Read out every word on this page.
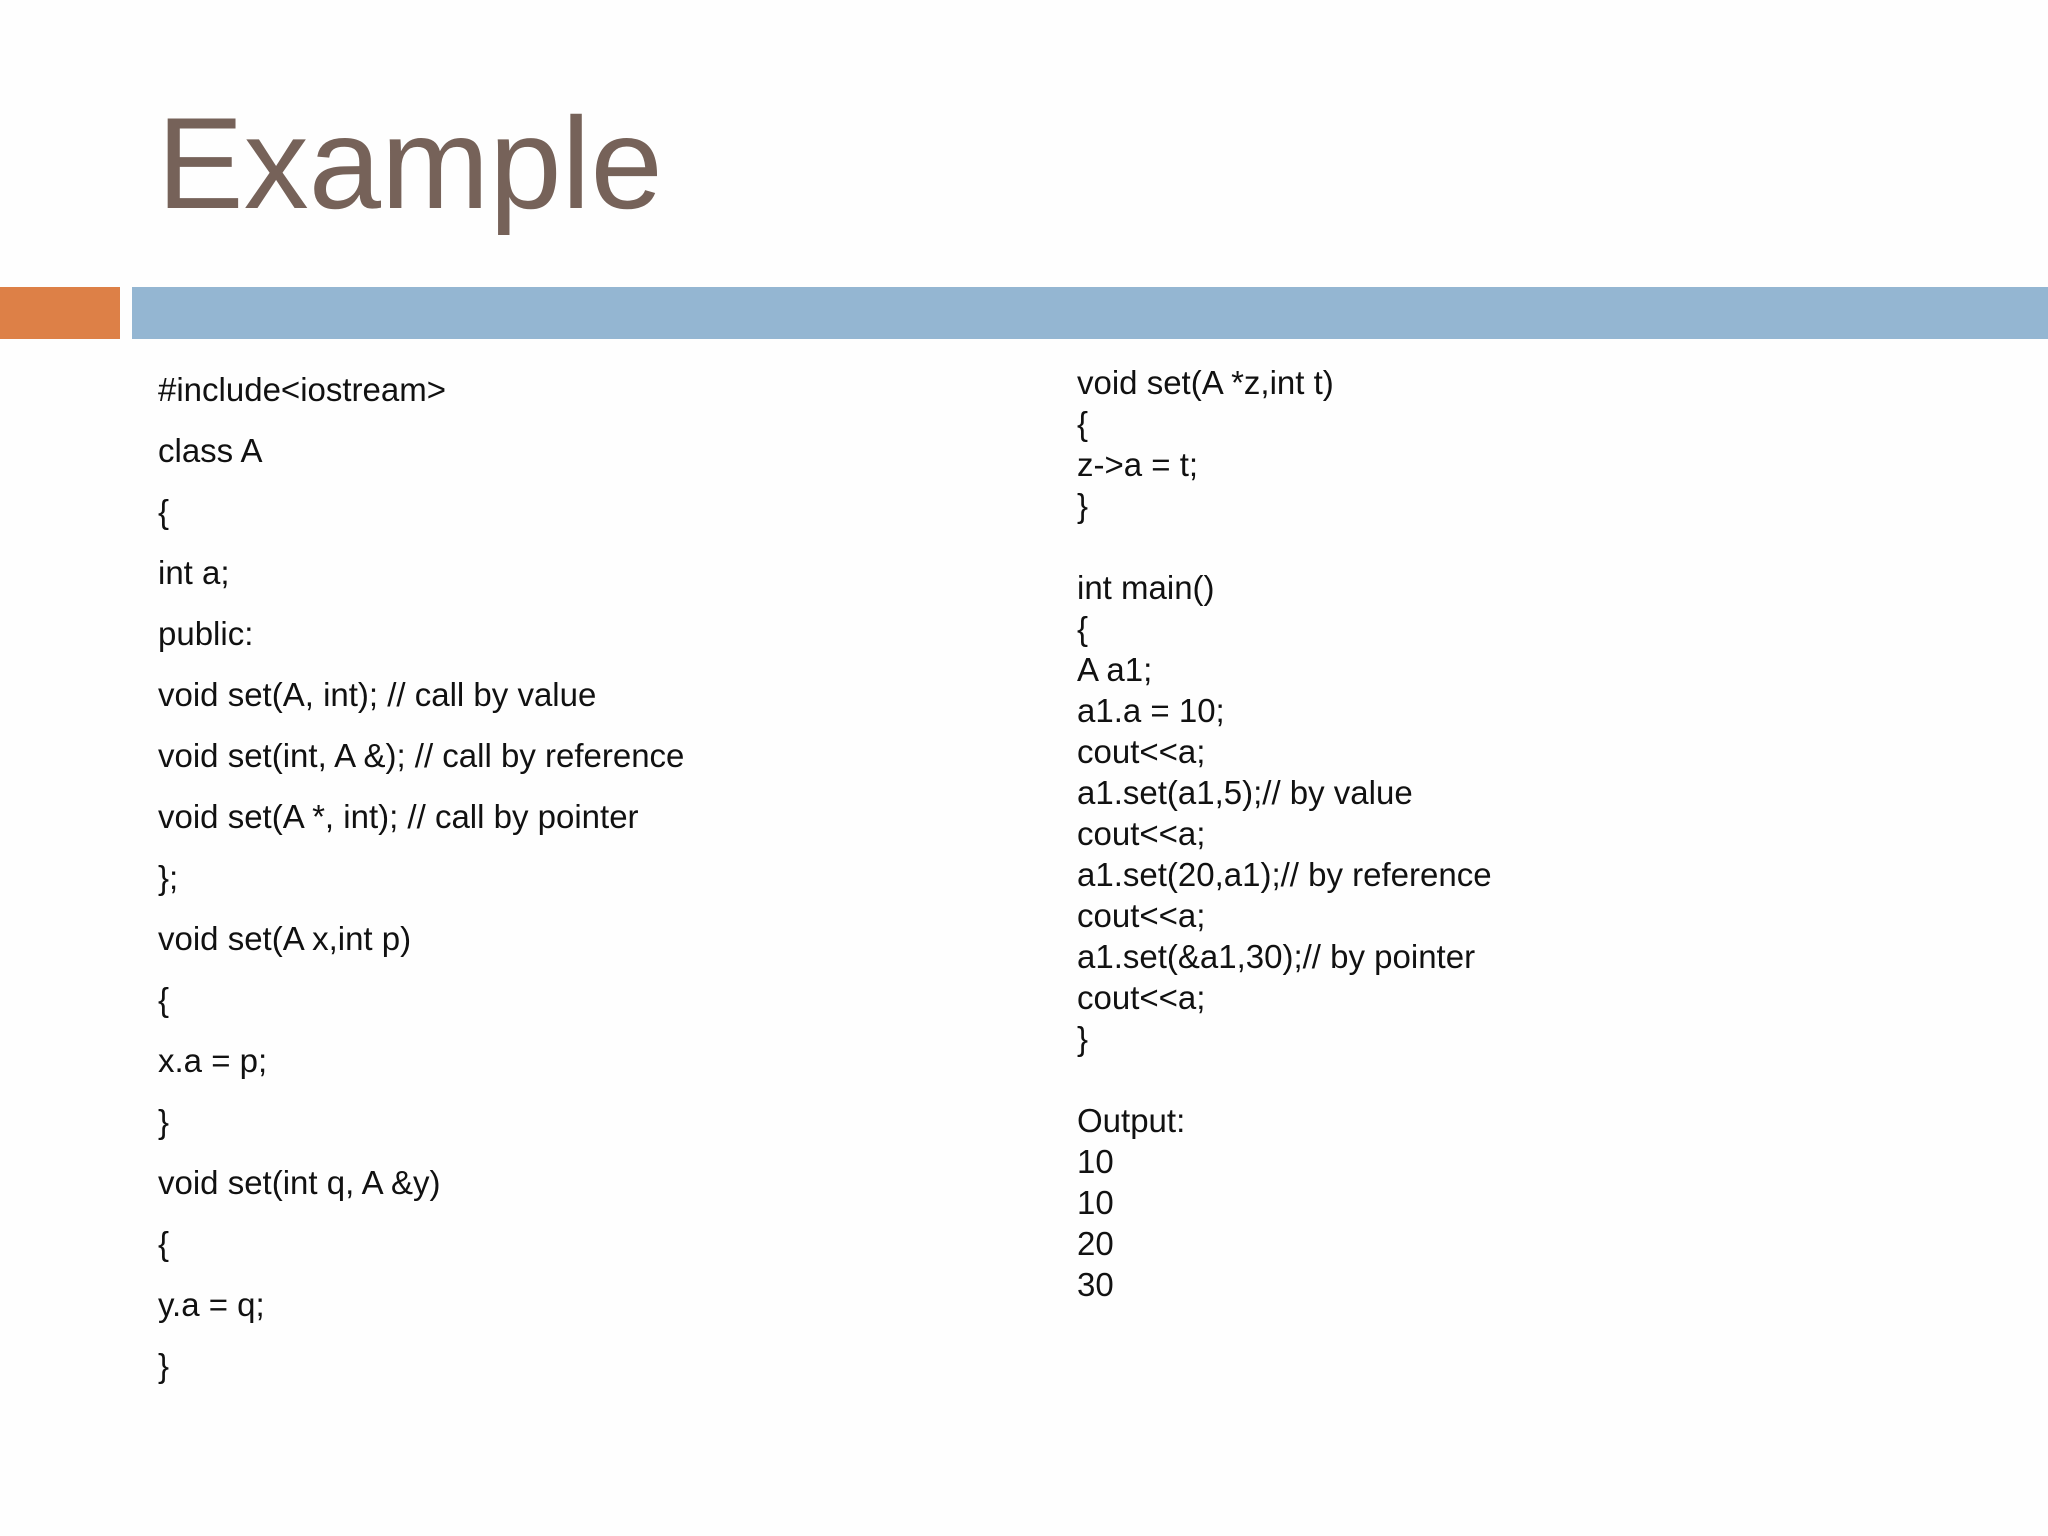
Example
#include<iostream>
class A
{
int a;
public:
void set(A, int); // call by value
void set(int, A &); // call by reference
void set(A *, int); // call by pointer
};
void set(A x,int p)
{
x.a = p;
}
void set(int q, A &y)
{
y.a = q;
}
void set(A *z,int t)
{
z->a = t;
}
int main()
{
A a1;
a1.a = 10;
cout<<a;
a1.set(a1,5);// by value
cout<<a;
a1.set(20,a1);// by reference
cout<<a;
a1.set(&a1,30);// by pointer
cout<<a;
}
Output:
10
10
20
30
